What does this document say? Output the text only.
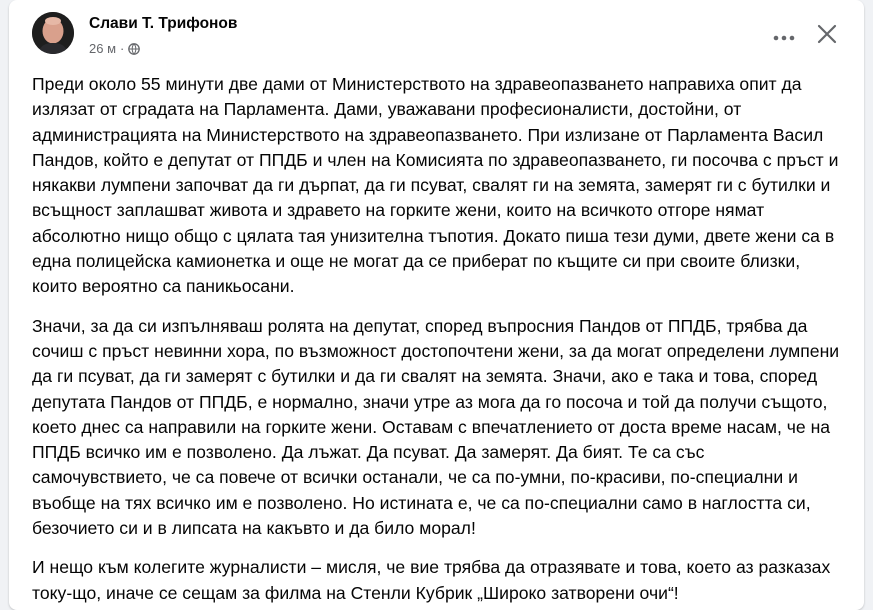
Слави Т. Трифонов
26 м ·

Преди около 55 минути две дами от Министерството на здравеопазването направиха опит да излязат от сградата на Парламента. Дами, уважавани професионалисти, достойни, от администрацията на Министерството на здравеопазването. При излизане от Парламента Васил Пандов, който е депутат от ППДБ и член на Комисията по здравеопазването, ги посочва с пръст и някакви лумпени започват да ги дърпат, да ги псуват, свалят ги на земята, замерят ги с бутилки и всъщност заплашват живота и здравето на горките жени, които на всичкото отгоре нямат абсолютно нищо общо с цялата тая унизителна тъпотия. Докато пиша тези думи, двете жени са в една полицейска камионетка и още не могат да се приберат по къщите си при своите близки, които вероятно са паникьосани.

Значи, за да си изпълняваш ролята на депутат, според въпросния Пандов от ППДБ, трябва да сочиш с пръст невинни хора, по възможност достопочтени жени, за да могат определени лумпени да ги псуват, да ги замерят с бутилки и да ги свалят на земята. Значи, ако е така и това, според депутата Пандов от ППДБ, е нормално, значи утре аз мога да го посоча и той да получи същото, което днес са направили на горките жени. Оставам с впечатлението от доста време насам, че на ППДБ всичко им е позволено. Да лъжат. Да псуват. Да замерят. Да бият. Те са със самочувствието, че са повече от всички останали, че са по-умни, по-красиви, по-специални и въобще на тях всичко им е позволено. Но истината е, че са по-специални само в наглостта си, безочието си и в липсата на какъвто и да било морал!

И нещо към колегите журналисти – мисля, че вие трябва да отразявате и това, което аз разказах току-що, иначе се сещам за филма на Стенли Кубрик „Широко затворени очи“!
